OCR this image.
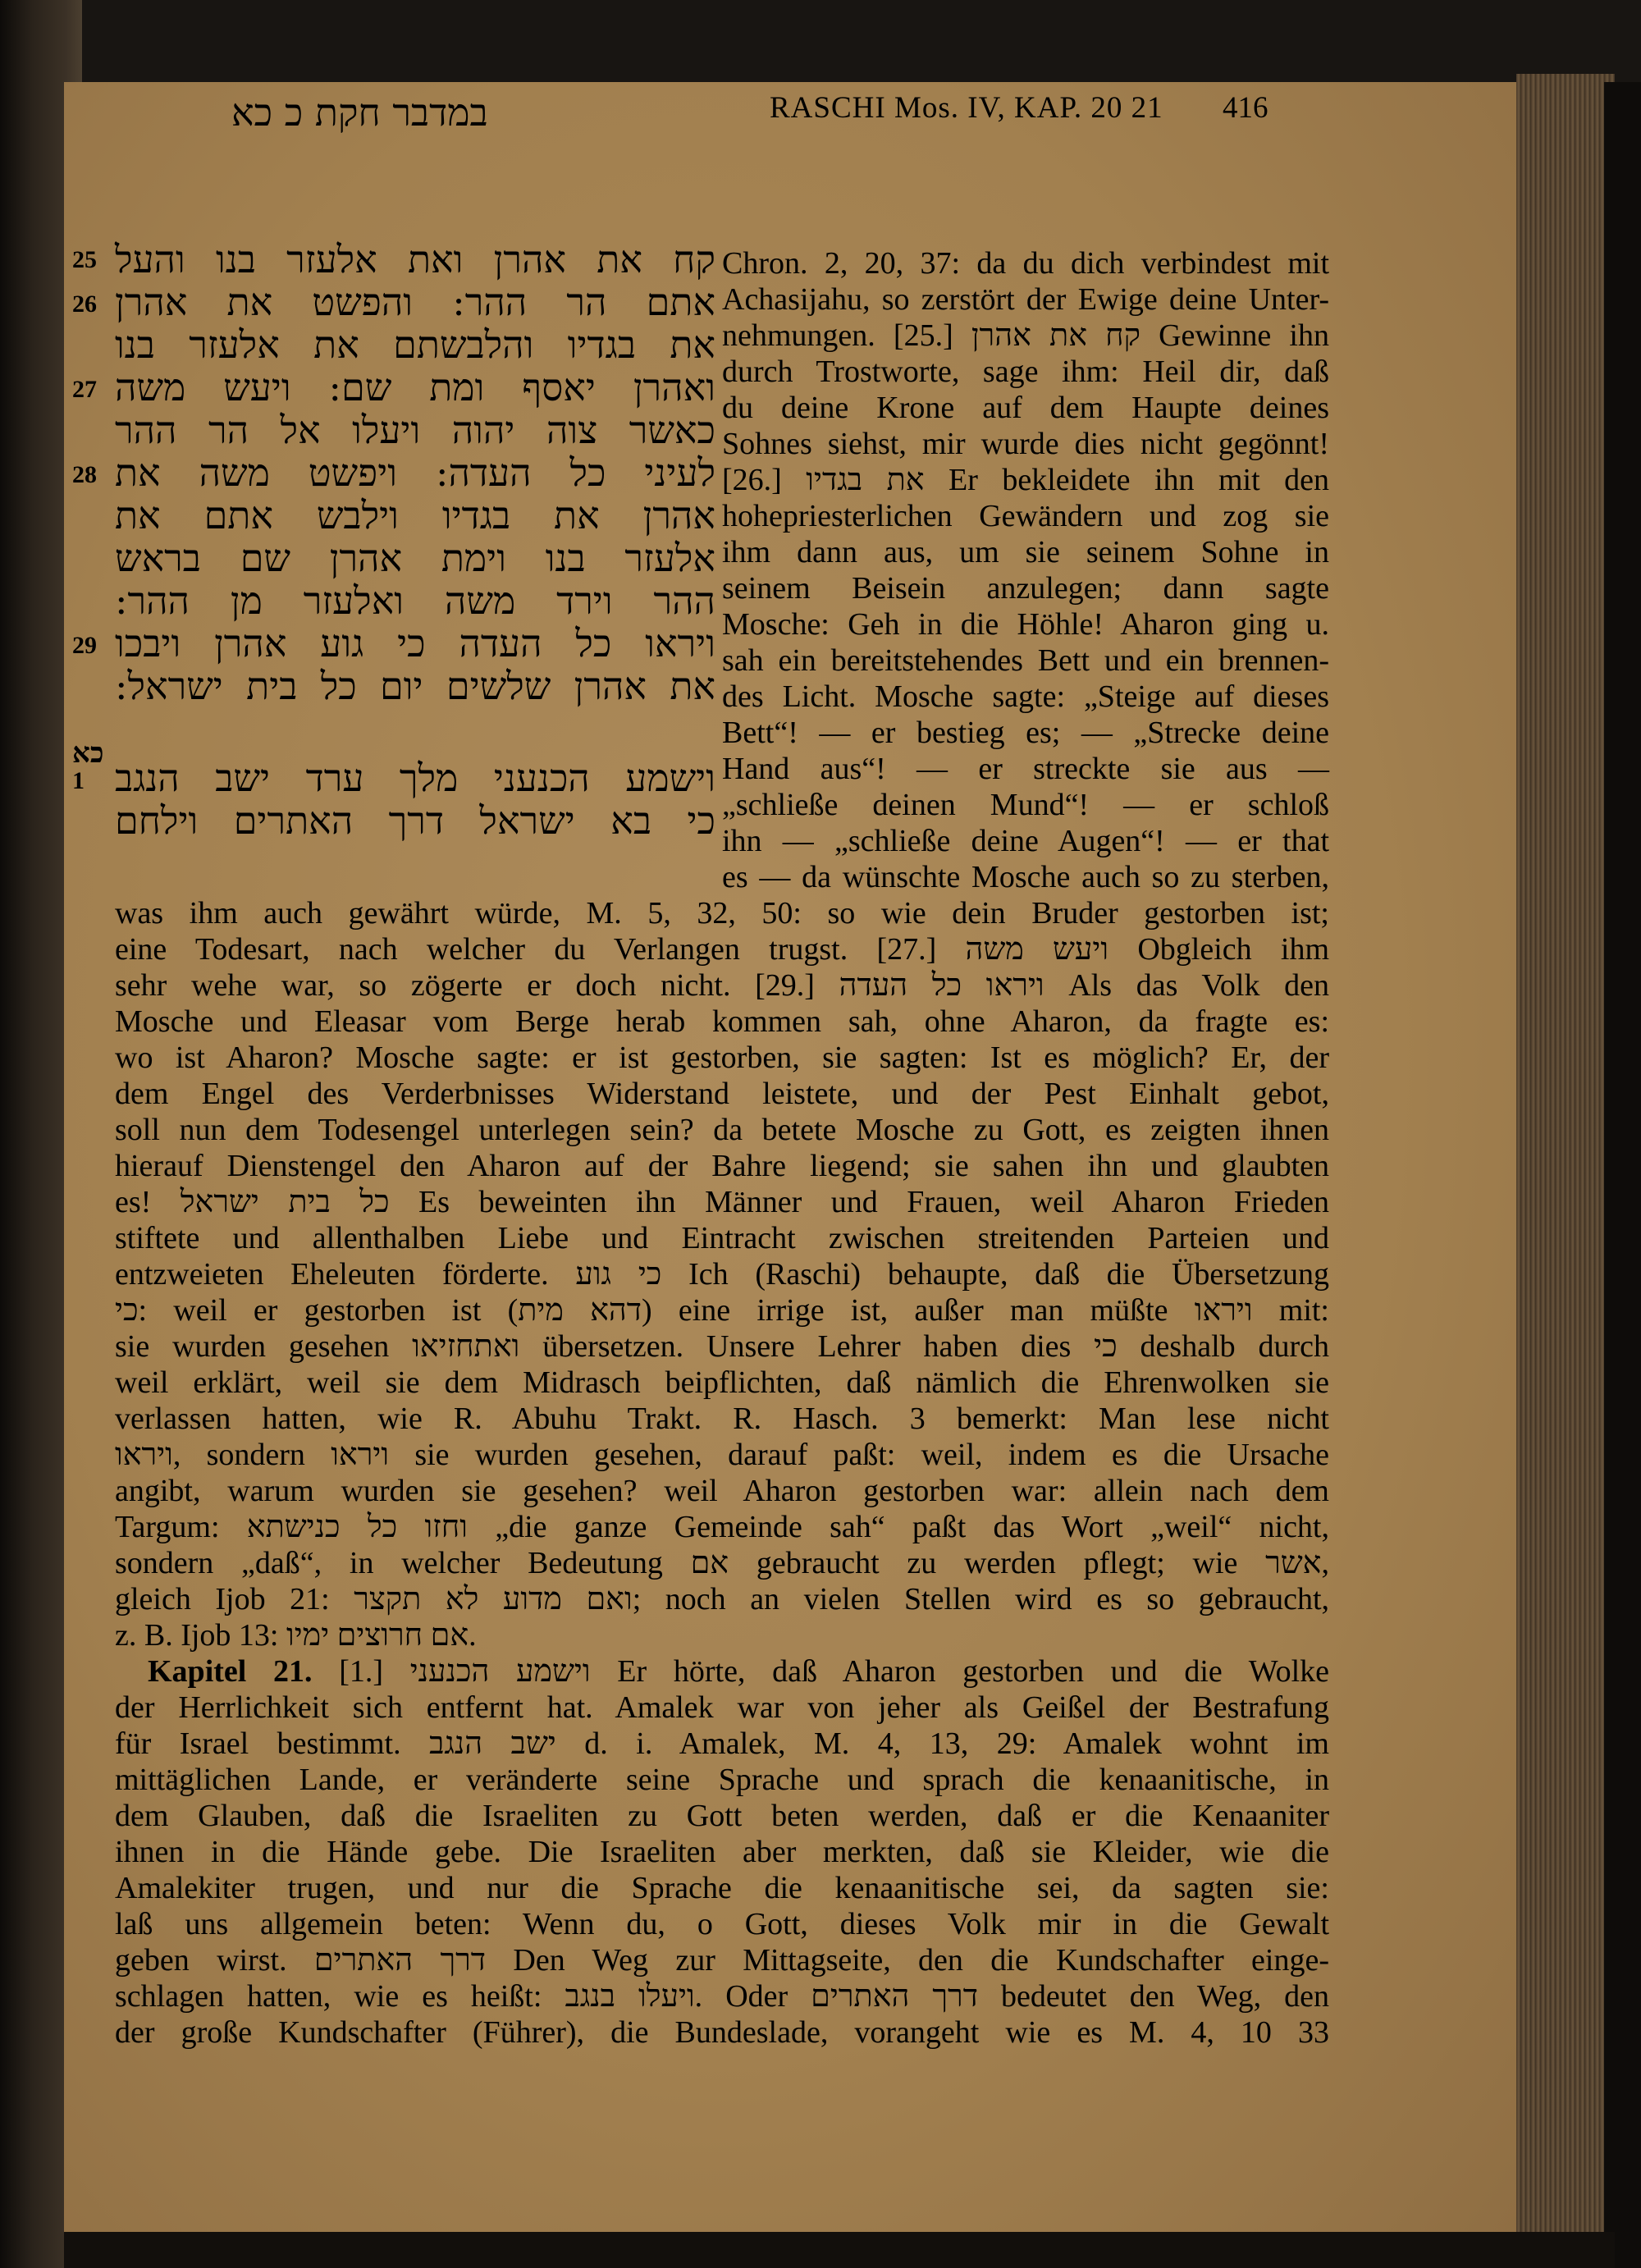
במדבר חקת כ כא	RASCHI Mos. IV, KAP. 20 21 416
25
26
27
28
29
כא
1
קח את אהרן ואת אלעזר בנו והעל
אתם הר ההר: והפשט את אהרן
את בגדיו והלבשתם את אלעזר בנו
ואהרן יאסף ומת שם: ויעש משה
כאשר צוה יהוה ויעלו אל הר ההר
לעיני כל העדה: ויפשט משה את
אהרן את בגדיו וילבש אתם את
אלעזר בנו וימת אהרן שם בראש
ההר וירד משה ואלעזר מן ההר:
ויראו כל העדה כי גוע אהרן ויבכו
את אהרן שלשים יום כל בית ישראל:
וישמע הכנעני מלך ערד ישב הנגב
כי בא ישראל דרך האתרים וילחם
Chron. 2, 20, 37: da du dich verbindest mit
Achasijahu, so zerstört der Ewige deine Unter-
nehmungen. [25.] קח את אהרן Gewinne ihn
durch Trostworte, sage ihm: Heil dir, daß
du deine Krone auf dem Haupte deines
Sohnes siehst, mir wurde dies nicht gegönnt!
[26.] את בגדיו Er bekleidete ihn mit den
hohepriesterlichen Gewändern und zog sie
ihm dann aus, um sie seinem Sohne in
seinem Beisein anzulegen; dann sagte
Mosche: Geh in die Höhle! Aharon ging u.
sah ein bereitstehendes Bett und ein brennen-
des Licht. Mosche sagte: „Steige auf dieses
Bett“! — er bestieg es; — „Strecke deine
Hand aus“! — er streckte sie aus —
„schließe deinen Mund“! — er schloß
ihn — „schließe deine Augen“! — er that
es — da wünschte Mosche auch so zu sterben,
was ihm auch gewährt würde, M. 5, 32, 50: so wie dein Bruder gestorben ist;
eine Todesart, nach welcher du Verlangen trugst. [27.] ויעש משה Obgleich ihm
sehr wehe war, so zögerte er doch nicht. [29.] ויראו כל העדה Als das Volk den
Mosche und Eleasar vom Berge herab kommen sah, ohne Aharon, da fragte es:
wo ist Aharon? Mosche sagte: er ist gestorben, sie sagten: Ist es möglich? Er, der
dem Engel des Verderbnisses Widerstand leistete, und der Pest Einhalt gebot,
soll nun dem Todesengel unterlegen sein? da betete Mosche zu Gott, es zeigten ihnen
hierauf Dienstengel den Aharon auf der Bahre liegend; sie sahen ihn und glaubten
es! כל בית ישראל Es beweinten ihn Männer und Frauen, weil Aharon Frieden
stiftete und allenthalben Liebe und Eintracht zwischen streitenden Parteien und
entzweieten Eheleuten förderte. כי גוע Ich (Raschi) behaupte, daß die Übersetzung
כי: weil er gestorben ist (דהא מית) eine irrige ist, außer man müßte ויראו mit:
sie wurden gesehen ואתחזיאו übersetzen. Unsere Lehrer haben dies כי deshalb durch
weil erklärt, weil sie dem Midrasch beipflichten, daß nämlich die Ehrenwolken sie
verlassen hatten, wie R. Abuhu Trakt. R. Hasch. 3 bemerkt: Man lese nicht
ויראו, sondern ויראו sie wurden gesehen, darauf paßt: weil, indem es die Ursache
angibt, warum wurden sie gesehen? weil Aharon gestorben war: allein nach dem
Targum: וחזו כל כנישתא „die ganze Gemeinde sah“ paßt das Wort „weil“ nicht,
sondern „daß“, in welcher Bedeutung אם gebraucht zu werden pflegt; wie אשר,
gleich Ijob 21: ואם מדוע לא תקצר; noch an vielen Stellen wird es so gebraucht,
z. B. Ijob 13: אם חרוצים ימיו.
Kapitel 21. [1.] וישמע הכנעני Er hörte, daß Aharon gestorben und die Wolke
der Herrlichkeit sich entfernt hat. Amalek war von jeher als Geißel der Bestrafung
für Israel bestimmt. ישב הנגב d. i. Amalek, M. 4, 13, 29: Amalek wohnt im
mittäglichen Lande, er veränderte seine Sprache und sprach die kenaanitische, in
dem Glauben, daß die Israeliten zu Gott beten werden, daß er die Kenaaniter
ihnen in die Hände gebe. Die Israeliten aber merkten, daß sie Kleider, wie die
Amalekiter trugen, und nur die Sprache die kenaanitische sei, da sagten sie:
laß uns allgemein beten: Wenn du, o Gott, dieses Volk mir in die Gewalt
geben wirst. דרך האתרים Den Weg zur Mittagseite, den die Kundschafter einge-
schlagen hatten, wie es heißt: ויעלו בנגב. Oder דרך האתרים bedeutet den Weg, den
der große Kundschafter (Führer), die Bundeslade, vorangeht wie es M. 4, 10 33
